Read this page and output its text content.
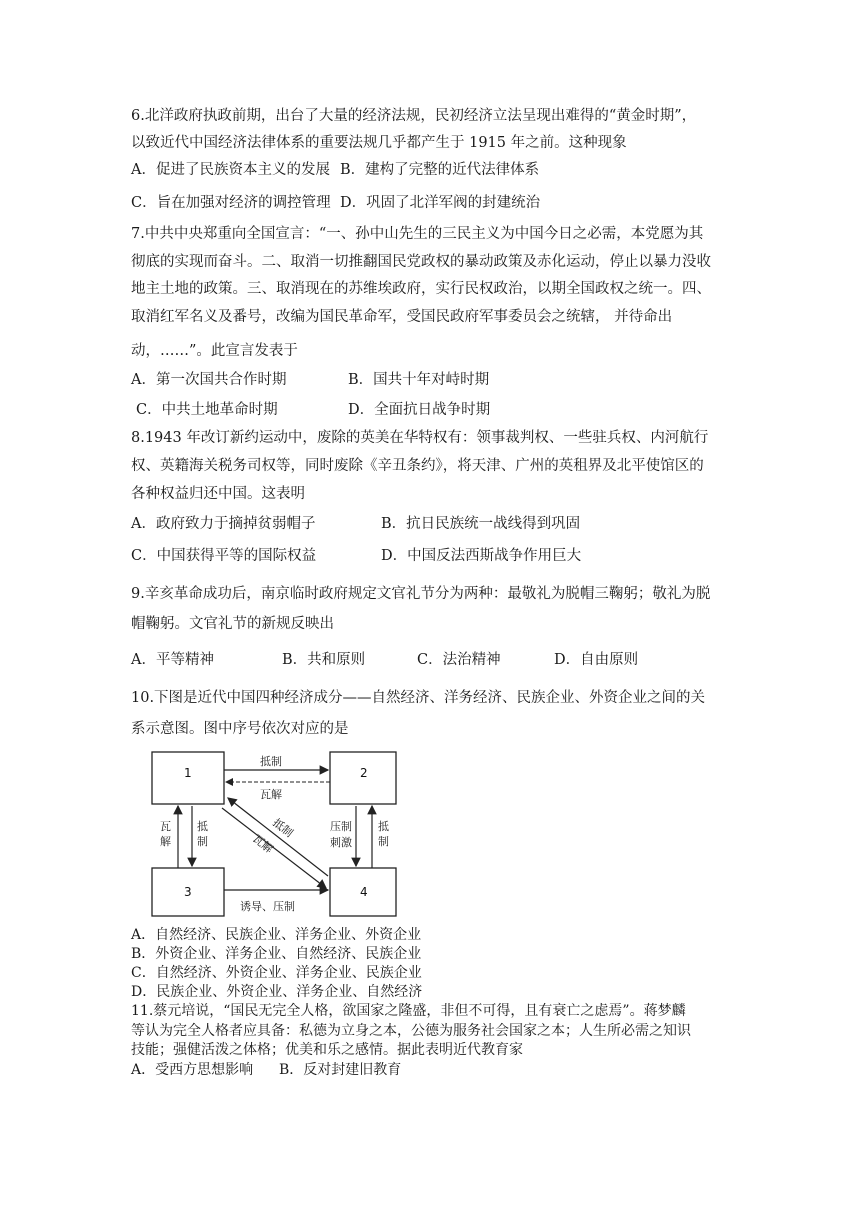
6.北洋政府执政前期，出台了大量的经济法规，民初经济立法呈现出难得的“黄金时期”，
以致近代中国经济法律体系的重要法规几乎都产生于 1915 年之前。这种现象
A．促进了民族资本主义的发展 B．建构了完整的近代法律体系
C．旨在加强对经济的调控管理 D．巩固了北洋军阀的封建统治
7.中共中央郑重向全国宣言：“一、孙中山先生的三民主义为中国今日之必需，本党愿为其
彻底的实现而奋斗。二、取消一切推翻国民党政权的暴动政策及赤化运动，停止以暴力没收
地主土地的政策。三、取消现在的苏维埃政府，实行民权政治，以期全国政权之统一。四、
取消红军名义及番号，改编为国民革命军，受国民政府军事委员会之统辖， 并待命出
动，……”。此宣言发表于
A．第一次国共合作时期	B．国共十年对峙时期
C．中共土地革命时期	D．全面抗日战争时期
8.1943 年改订新约运动中，废除的英美在华特权有：领事裁判权、一些驻兵权、内河航行
权、英籍海关税务司权等，同时废除《辛丑条约》，将天津、广州的英租界及北平使馆区的
各种权益归还中国。这表明
A．政府致力于摘掉贫弱帽子	B．抗日民族统一战线得到巩固
C．中国获得平等的国际权益	D．中国反法西斯战争作用巨大
9.辛亥革命成功后，南京临时政府规定文官礼节分为两种：最敬礼为脱帽三鞠躬；敬礼为脱
帽鞠躬。文官礼节的新规反映出
A．平等精神	B．共和原则	C．法治精神	D．自由原则
10.下图是近代中国四种经济成分——自然经济、洋务经济、民族企业、外资企业之间的关
系示意图。图中序号依次对应的是
1	2
3	4
抵制
瓦解
瓦
解
抵
制
压制
刺激
抵
制
抵制
瓦解
诱导、压制
A．自然经济、民族企业、洋务企业、外资企业
B．外资企业、洋务企业、自然经济、民族企业
C．自然经济、外资企业、洋务企业、民族企业
D．民族企业、外资企业、洋务企业、自然经济
11.蔡元培说，“国民无完全人格，欲国家之隆盛，非但不可得，且有衰亡之虑焉”。蒋梦麟
等认为完全人格者应具备：私德为立身之本，公德为服务社会国家之本；人生所必需之知识
技能；强健活泼之体格；优美和乐之感情。据此表明近代教育家
A．受西方思想影响 B．反对封建旧教育
